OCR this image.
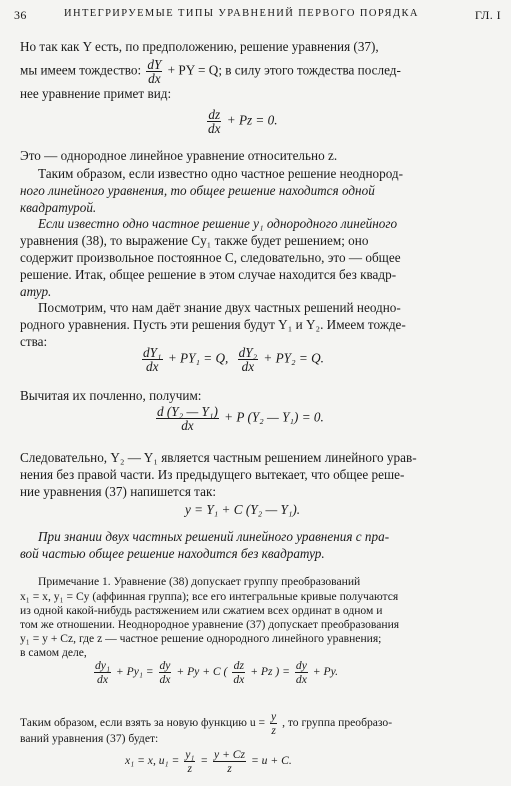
36	ИНТЕГРИРУЕМЫЕ ТИПЫ УРАВНЕНИЙ ПЕРВОГО ПОРЯДКА	ГЛ. I
Но так как Y есть, по предположению, решение уравнения (37),
мы имеем тождество: $\frac{dY}{dx}$ + PY = Q; в силу этого тождества послед-
нее уравнение примет вид:
$\frac{dz}{dx} + Pz = 0$.
Это — однородное линейное уравнение относительно z.
Таким образом, если известно одно частное решение неоднород-
ного линейного уравнения, то общее решение находится одной
квадратурой.
Если известно одно частное решение y₁ однородного линейного
уравнения (38), то выражение Cy₁ также будет решением; оно
содержит произвольное постоянное C, следовательно, это — общее
решение. Итак, общее решение в этом случае находится без квадр-
атур.
Посмотрим, что нам даёт знание двух частных решений неодно-
родного уравнения. Пусть эти решения будут Y₁ и Y₂. Имеем тожде-
ства:
$\frac{\text{dY₁}}{dx} + PY_1 = Q$, $\frac{\text{dY₂}}{dx} + PY_2 = Q$.
Вычитая их почленно, получим:
$\frac{\text{d (Y₂ — Y₁)}}{dx} + P$ (Y₂ — Y₁) = 0.
Следовательно, Y₂ — Y₁ является частным решением линейного урав-
нения без правой части. Из предыдущего вытекает, что общее реше-
ние уравнения (37) напишется так:
y = Y₁ + C (Y₂ — Y₁).
При знании двух частных решений линейного уравнения с пра-
вой частью общее решение находится без квадратур.
Примечание 1. Уравнение (38) допускает группу преобразований
x₁ = x, y₁ = Cy (аффинная группа); все его интегральные кривые получаются
из одной какой-нибудь растяжением или сжатием всех ординат в одном и
том же отношении. Неоднородное уравнение (37) допускает преобразования
y₁ = y + Cz, где z — частное решение однородного линейного уравнения;
в самом деле,
$\frac{\text{dy₁}}{dx} + Py_1 = \frac{dy}{dx} + Py + C$ ( $\frac{dz}{dx} + Pz$ ) = $\frac{dy}{dx} + Py$.
Таким образом, если взять за новую функцию $u = \frac{y}{z}$ , то группа преобразо-
ваний уравнения (37) будет:
x₁ = x, $u_1 = \frac{\text{y₁}}{z} = \frac{y + Cz}{z} = u + C$.
